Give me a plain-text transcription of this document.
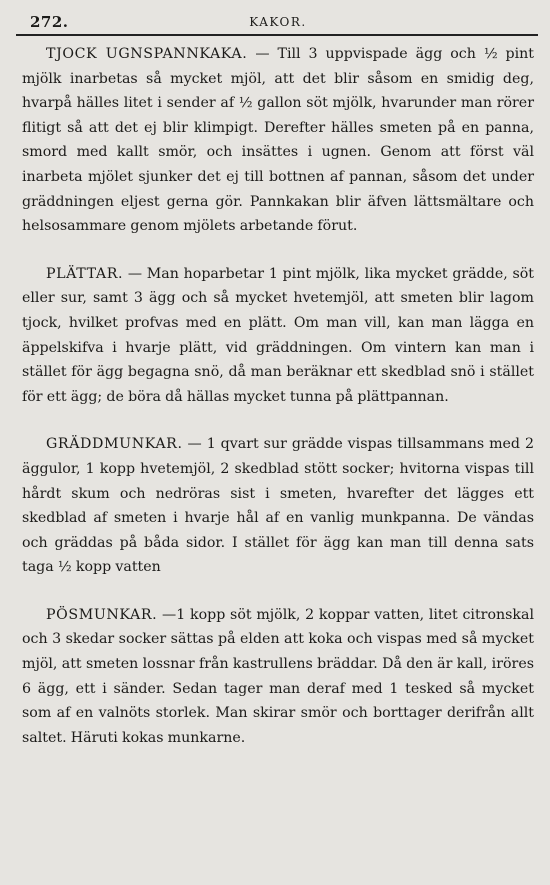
272.	KAKOR.

TJOCK UGNSPANNKAKA. — Till 3 uppvispade ägg och ½ pint mjölk inarbetas så mycket mjöl, att det blir såsom en smidig deg, hvarpå hälles litet i sender af ½ gallon söt mjölk, hvarunder man rörer flitigt så att det ej blir klimpigt. Derefter hälles smeten på en panna, smord med kallt smör, och insättes i ugnen. Genom att först väl inarbeta mjölet sjunker det ej till bottnen af pannan, såsom det under gräddningen eljest gerna gör. Pannkakan blir äfven lättsmältare och helsosammare genom mjölets arbetande förut.

PLÄTTAR. — Man hoparbetar 1 pint mjölk, lika mycket grädde, söt eller sur, samt 3 ägg och så mycket hvetemjöl, att smeten blir lagom tjock, hvilket profvas med en plätt. Om man vill, kan man lägga en äppelskifva i hvarje plätt, vid gräddningen. Om vintern kan man i stället för ägg begagna snö, då man beräknar ett skedblad snö i stället för ett ägg; de böra då hällas mycket tunna på plättpannan.

GRÄDDMUNKAR. — 1 qvart sur grädde vispas tillsammans med 2 äggulor, 1 kopp hvetemjöl, 2 skedblad stött socker; hvitorna vispas till hårdt skum och nedröras sist i smeten, hvarefter det lägges ett skedblad af smeten i hvarje hål af en vanlig munkpanna. De vändas och gräddas på båda sidor. I stället för ägg kan man till denna sats taga ½ kopp vatten

PÖSMUNKAR. —1 kopp söt mjölk, 2 koppar vatten, litet citronskal och 3 skedar socker sättas på elden att koka och vispas med så mycket mjöl, att smeten lossnar från kastrullens bräddar. Då den är kall, iröres 6 ägg, ett i sänder. Sedan tager man deraf med 1 tesked så mycket som af en valnöts storlek. Man skirar smör och borttager derifrån allt saltet. Häruti kokas munkarne.
